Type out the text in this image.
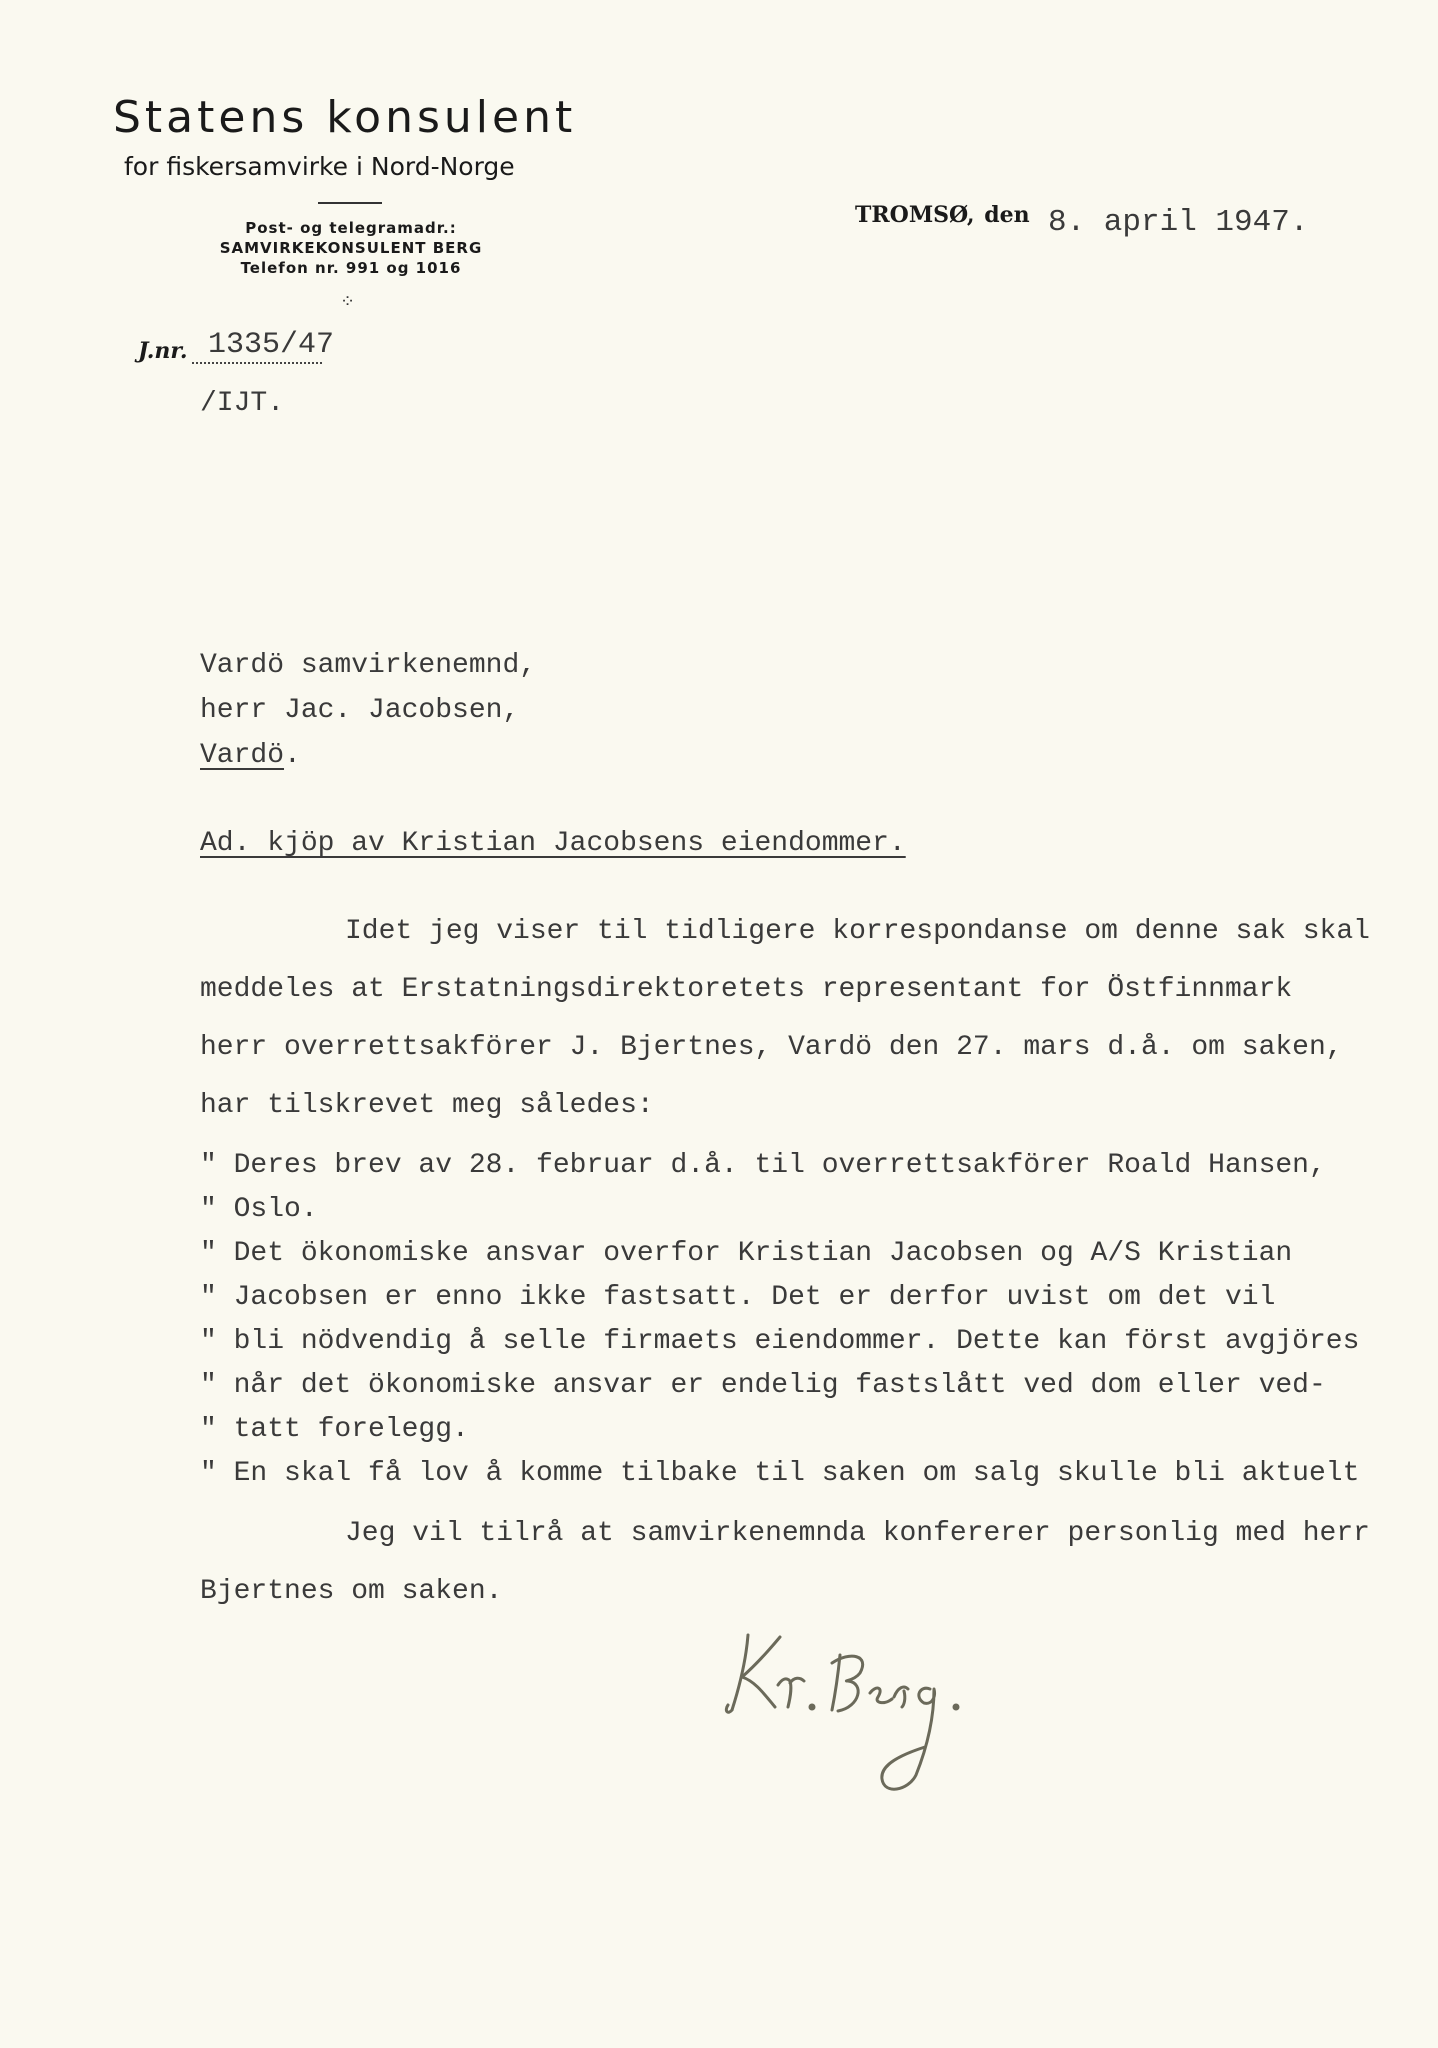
Statens konsulent
for fiskersamvirke i Nord-Norge
Post- og telegramadr.:
SAMVIRKEKONSULENT BERG
Telefon nr. 991 og 1016
⁘
TROMSØ, den 8. april 1947.
J.nr. 1335/47
/IJT.
Vardö samvirkenemnd,
herr Jac. Jacobsen,
Vardö.
Ad. kjöp av Kristian Jacobsens eiendommer.
Idet jeg viser til tidligere korrespondanse om denne sak skal
meddeles at Erstatningsdirektoretets representant for Östfinnmark
herr overrettsakförer J. Bjertnes, Vardö den 27. mars d.å. om saken,
har tilskrevet meg således:
" Deres brev av 28. februar d.å. til overrettsakförer Roald Hansen,
" Oslo.
" Det ökonomiske ansvar overfor Kristian Jacobsen og A/S Kristian
" Jacobsen er enno ikke fastsatt. Det er derfor uvist om det vil
" bli nödvendig å selle firmaets eiendommer. Dette kan först avgjöres
" når det ökonomiske ansvar er endelig fastslått ved dom eller ved-
" tatt forelegg.
" En skal få lov å komme tilbake til saken om salg skulle bli aktuelt
Jeg vil tilrå at samvirkenemnda konfererer personlig med herr
Bjertnes om saken.
